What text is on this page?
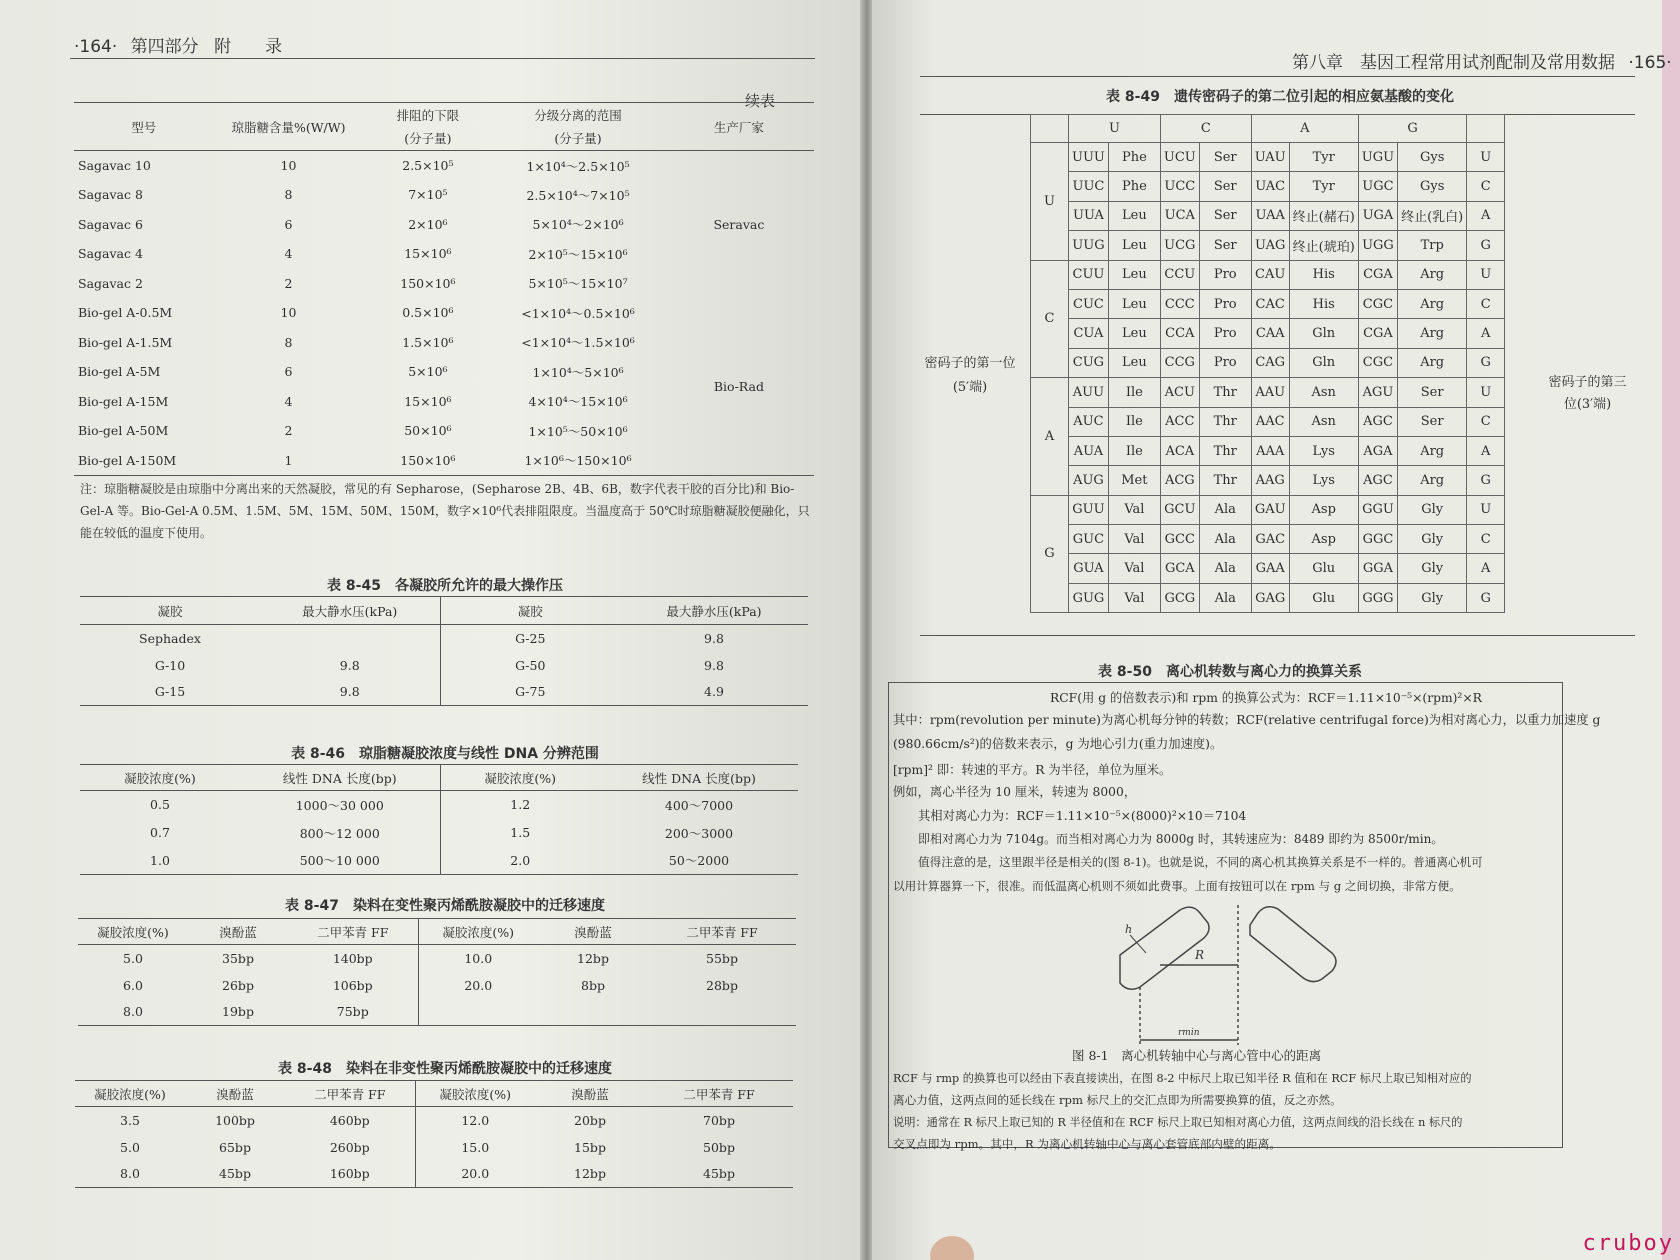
·164· 第四部分 附　　录
续表
型号	琼脂糖含量%(W/W)	排阻的下限	分级分离的范围	生产厂家
		(分子量)	(分子量)	
Sagavac 10	10	2.5×10⁵	1×10⁴～2.5×10⁵	Seravac
Sagavac 8	8	7×10⁵	2.5×10⁴～7×10⁵	
Sagavac 6	6	2×10⁶	5×10⁴～2×10⁶	
Sagavac 4	4	15×10⁶	2×10⁵～15×10⁶	
Sagavac 2	2	150×10⁶	5×10⁵～15×10⁷	
Bio-gel A-0.5M	10	0.5×10⁶	<1×10⁴～0.5×10⁶	Bio-Rad
Bio-gel A-1.5M	8	1.5×10⁶	<1×10⁴～1.5×10⁶	
Bio-gel A-5M	6	5×10⁶	1×10⁴～5×10⁶	
Bio-gel A-15M	4	15×10⁶	4×10⁴～15×10⁶	
Bio-gel A-50M	2	50×10⁶	1×10⁵～50×10⁶	
Bio-gel A-150M	1	150×10⁶	1×10⁶～150×10⁶	
注：琼脂糖凝胶是由琼脂中分离出来的天然凝胶，常见的有 Sepharose，(Sepharose 2B、4B、6B，数字代表干胶的百分比)和 Bio-Gel-A 等。Bio-Gel-A 0.5M、1.5M、5M、15M、50M、150M，数字×10⁶代表排阻限度。当温度高于 50℃时琼脂糖凝胶便融化，只能在较低的温度下使用。
表 8-45　各凝胶所允许的最大操作压
凝胶	最大静水压(kPa)	凝胶	最大静水压(kPa)
Sephadex		G-25	9.8
G-10	9.8	G-50	9.8
G-15	9.8	G-75	4.9
表 8-46　琼脂糖凝胶浓度与线性 DNA 分辨范围
凝胶浓度(%)	线性 DNA 长度(bp)	凝胶浓度(%)	线性 DNA 长度(bp)
0.5	1000～30 000	1.2	400～7000
0.7	800～12 000	1.5	200～3000
1.0	500～10 000	2.0	50～2000
表 8-47　染料在变性聚丙烯酰胺凝胶中的迁移速度
凝胶浓度(%)	溴酚蓝	二甲苯青 FF	凝胶浓度(%)	溴酚蓝	二甲苯青 FF
5.0	35bp	140bp	10.0	12bp	55bp
6.0	26bp	106bp	20.0	8bp	28bp
8.0	19bp	75bp			
表 8-48　染料在非变性聚丙烯酰胺凝胶中的迁移速度
凝胶浓度(%)	溴酚蓝	二甲苯青 FF	凝胶浓度(%)	溴酚蓝	二甲苯青 FF
3.5	100bp	460bp	12.0	20bp	70bp
5.0	65bp	260bp	15.0	15bp	50bp
8.0	45bp	160bp	20.0	12bp	45bp
第八章　基因工程常用试剂配制及常用数据 ·165·
表 8-49　遗传密码子的第二位引起的相应氨基酸的变化
密码子的第一位
(5′端)	密码子的第三
位(3′端)
	U		C		A		G		
U	UUU	Phe	UCU	Ser	UAU	Tyr	UGU	Gys	U
	UUC	Phe	UCC	Ser	UAC	Tyr	UGC	Gys	C
	UUA	Leu	UCA	Ser	UAA	终止(赭石)	UGA	终止(乳白)	A
	UUG	Leu	UCG	Ser	UAG	终止(琥珀)	UGG	Trp	G
C	CUU	Leu	CCU	Pro	CAU	His	CGA	Arg	U
	CUC	Leu	CCC	Pro	CAC	His	CGC	Arg	C
	CUA	Leu	CCA	Pro	CAA	Gln	CGA	Arg	A
	CUG	Leu	CCG	Pro	CAG	Gln	CGC	Arg	G
A	AUU	Ile	ACU	Thr	AAU	Asn	AGU	Ser	U
	AUC	Ile	ACC	Thr	AAC	Asn	AGC	Ser	C
	AUA	Ile	ACA	Thr	AAA	Lys	AGA	Arg	A
	AUG	Met	ACG	Thr	AAG	Lys	AGC	Arg	G
G	GUU	Val	GCU	Ala	GAU	Asp	GGU	Gly	U
	GUC	Val	GCC	Ala	GAC	Asp	GGC	Gly	C
	GUA	Val	GCA	Ala	GAA	Glu	GGA	Gly	A
	GUG	Val	GCG	Ala	GAG	Glu	GGG	Gly	G
表 8-50　离心机转数与离心力的换算关系
RCF(用 g 的倍数表示)和 rpm 的换算公式为：RCF＝1.11×10⁻⁵×(rpm)²×R
其中：rpm(revolution per minute)为离心机每分钟的转数；RCF(relative centrifugal force)为相对离心力，以重力加速度 g
(980.66cm/s²)的倍数来表示，g 为地心引力(重力加速度)。
[rpm]² 即：转速的平方。R 为半径，单位为厘米。
例如，离心半径为 10 厘米，转速为 8000，
其相对离心力为：RCF＝1.11×10⁻⁵×(8000)²×10＝7104
即相对离心力为 7104g。而当相对离心力为 8000g 时，其转速应为：8489 即约为 8500r/min。
值得注意的是，这里跟半径是相关的(图 8-1)。也就是说，不同的离心机其换算关系是不一样的。普通离心机可
以用计算器算一下，很准。而低温离心机则不须如此费事。上面有按钮可以在 rpm 与 g 之间切换，非常方便。
h
R
rmin
图 8-1　离心机转轴中心与离心管中心的距离
RCF 与 rmp 的换算也可以经由下表直接读出，在图 8-2 中标尺上取已知半径 R 值和在 RCF 标尺上取已知相对应的
离心力值，这两点间的延长线在 rpm 标尺上的交汇点即为所需要换算的值，反之亦然。
说明：通常在 R 标尺上取已知的 R 半径值和在 RCF 标尺上取已知相对离心力值，这两点间线的沿长线在 n 标尺的
交叉点即为 rpm。其中，R 为离心机转轴中心与离心套管底部内壁的距离。
cruboy
